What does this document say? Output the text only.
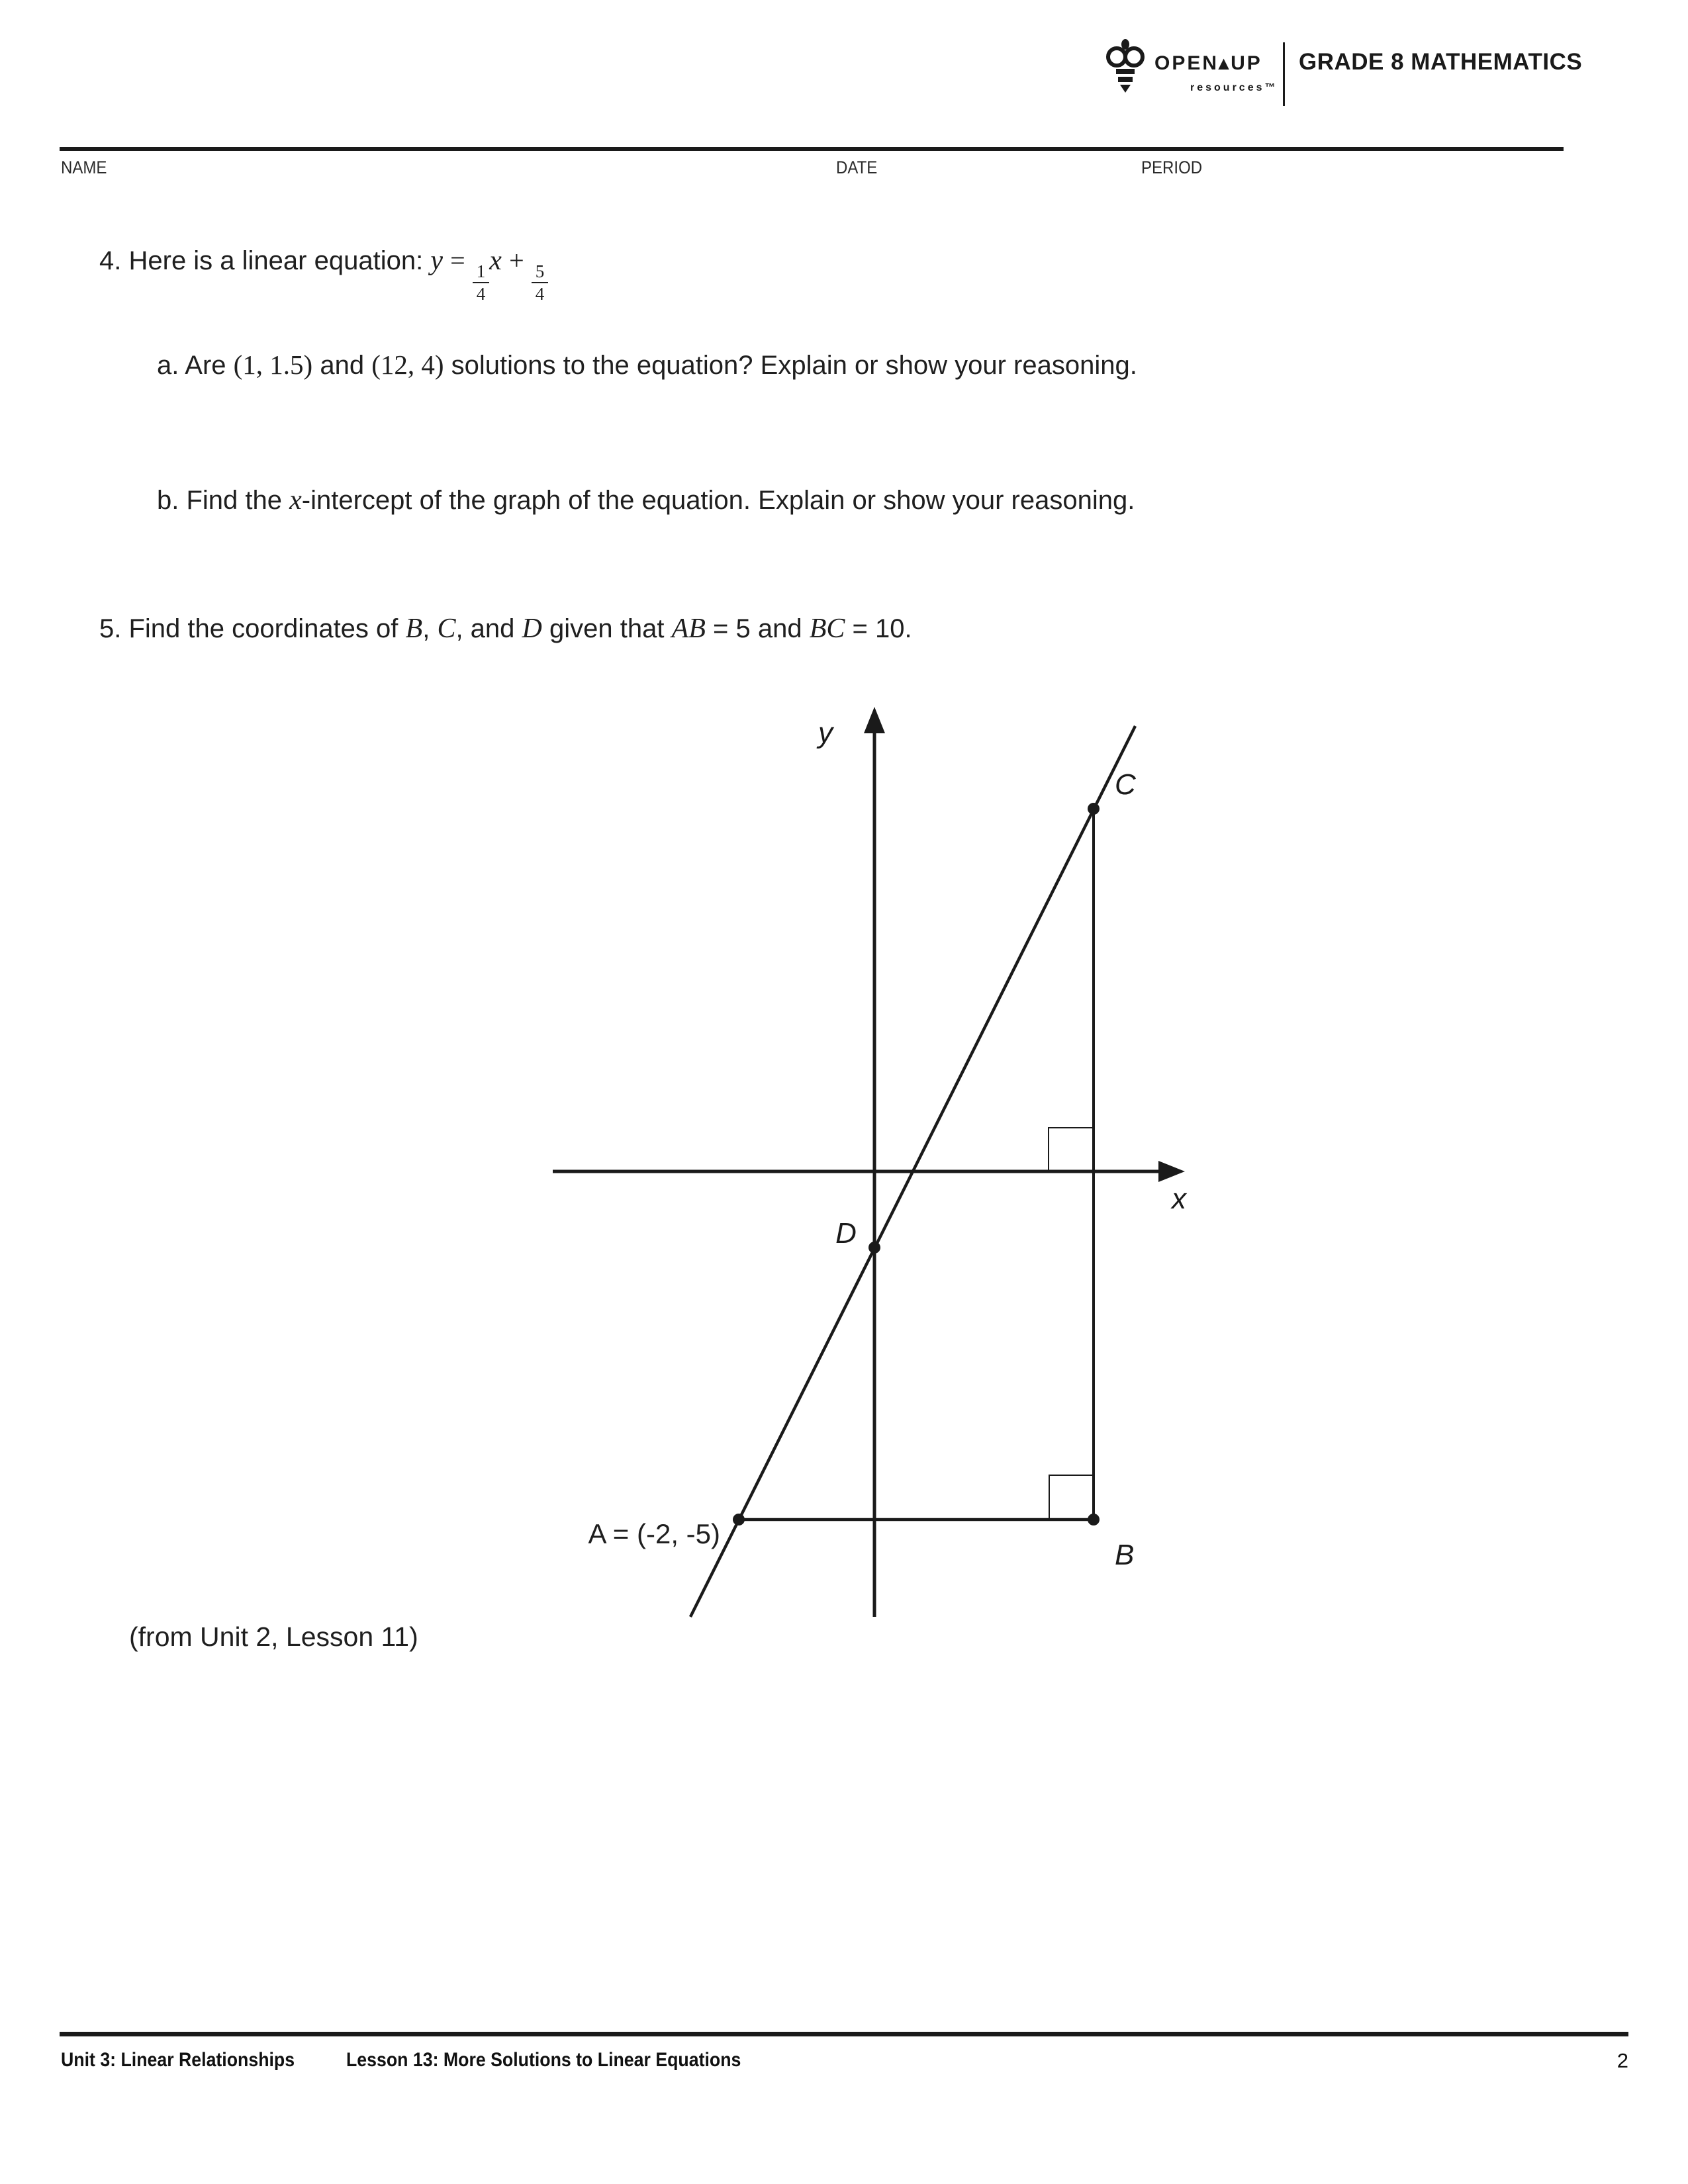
OPEN▴UP
resources™
GRADE 8 MATHEMATICS
NAME	DATE	PERIOD
4. Here is a linear equation: y =
$\frac{1}{4}$
x +
$\frac{5}{4}$
a. Are (1, 1.5) and (12, 4) solutions to the equation? Explain or show your reasoning.
b. Find the x-intercept of the graph of the equation. Explain or show your reasoning.
5. Find the coordinates of B, C, and D given that AB = 5 and BC = 10.
y
x
C
D
B
A = (-2, -5)
(from Unit 2, Lesson 11)
Unit 3: Linear Relationships	Lesson 13: More Solutions to Linear Equations	2
